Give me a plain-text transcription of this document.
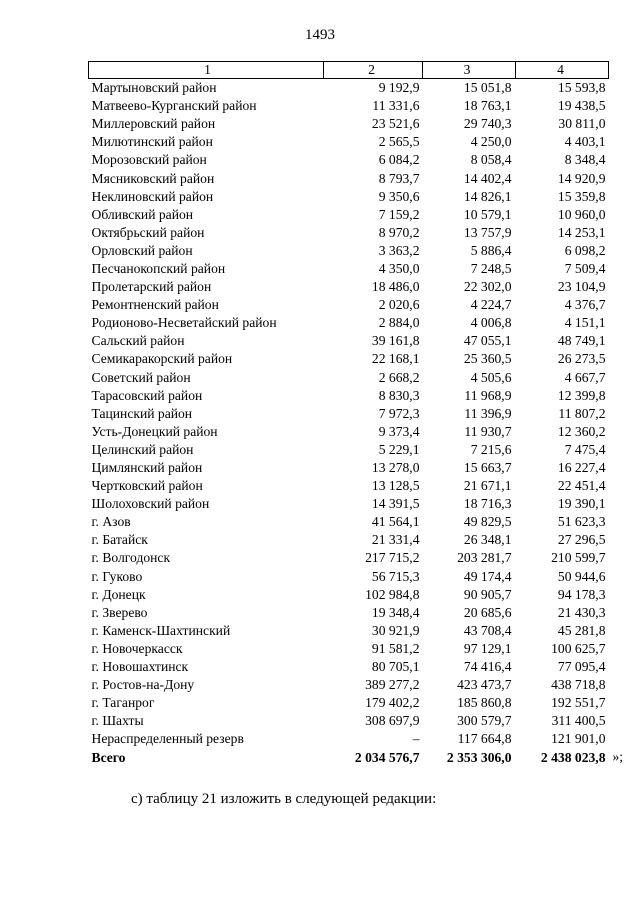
1493
1	2	3	4
Мартыновский район	9 192,9	15 051,8	15 593,8
Матвеево-Курганский район	11 331,6	18 763,1	19 438,5
Миллеровский район	23 521,6	29 740,3	30 811,0
Милютинский район	2 565,5	4 250,0	4 403,1
Морозовский район	6 084,2	8 058,4	8 348,4
Мясниковский район	8 793,7	14 402,4	14 920,9
Неклиновский район	9 350,6	14 826,1	15 359,8
Обливский район	7 159,2	10 579,1	10 960,0
Октябрьский район	8 970,2	13 757,9	14 253,1
Орловский район	3 363,2	5 886,4	6 098,2
Песчанокопский район	4 350,0	7 248,5	7 509,4
Пролетарский район	18 486,0	22 302,0	23 104,9
Ремонтненский район	2 020,6	4 224,7	4 376,7
Родионово-Несветайский район	2 884,0	4 006,8	4 151,1
Сальский район	39 161,8	47 055,1	48 749,1
Семикаракорский район	22 168,1	25 360,5	26 273,5
Советский район	2 668,2	4 505,6	4 667,7
Тарасовский район	8 830,3	11 968,9	12 399,8
Тацинский район	7 972,3	11 396,9	11 807,2
Усть-Донецкий район	9 373,4	11 930,7	12 360,2
Целинский район	5 229,1	7 215,6	7 475,4
Цимлянский район	13 278,0	15 663,7	16 227,4
Чертковский район	13 128,5	21 671,1	22 451,4
Шолоховский район	14 391,5	18 716,3	19 390,1
г. Азов	41 564,1	49 829,5	51 623,3
г. Батайск	21 331,4	26 348,1	27 296,5
г. Волгодонск	217 715,2	203 281,7	210 599,7
г. Гуково	56 715,3	49 174,4	50 944,6
г. Донецк	102 984,8	90 905,7	94 178,3
г. Зверево	19 348,4	20 685,6	21 430,3
г. Каменск-Шахтинский	30 921,9	43 708,4	45 281,8
г. Новочеркасск	91 581,2	97 129,1	100 625,7
г. Новошахтинск	80 705,1	74 416,4	77 095,4
г. Ростов-на-Дону	389 277,2	423 473,7	438 718,8
г. Таганрог	179 402,2	185 860,8	192 551,7
г. Шахты	308 697,9	300 579,7	311 400,5
Нераспределенный резерв	–	117 664,8	121 901,0
Всего	2 034 576,7	2 353 306,0	2 438 023,8 »;
с) таблицу 21 изложить в следующей редакции:
